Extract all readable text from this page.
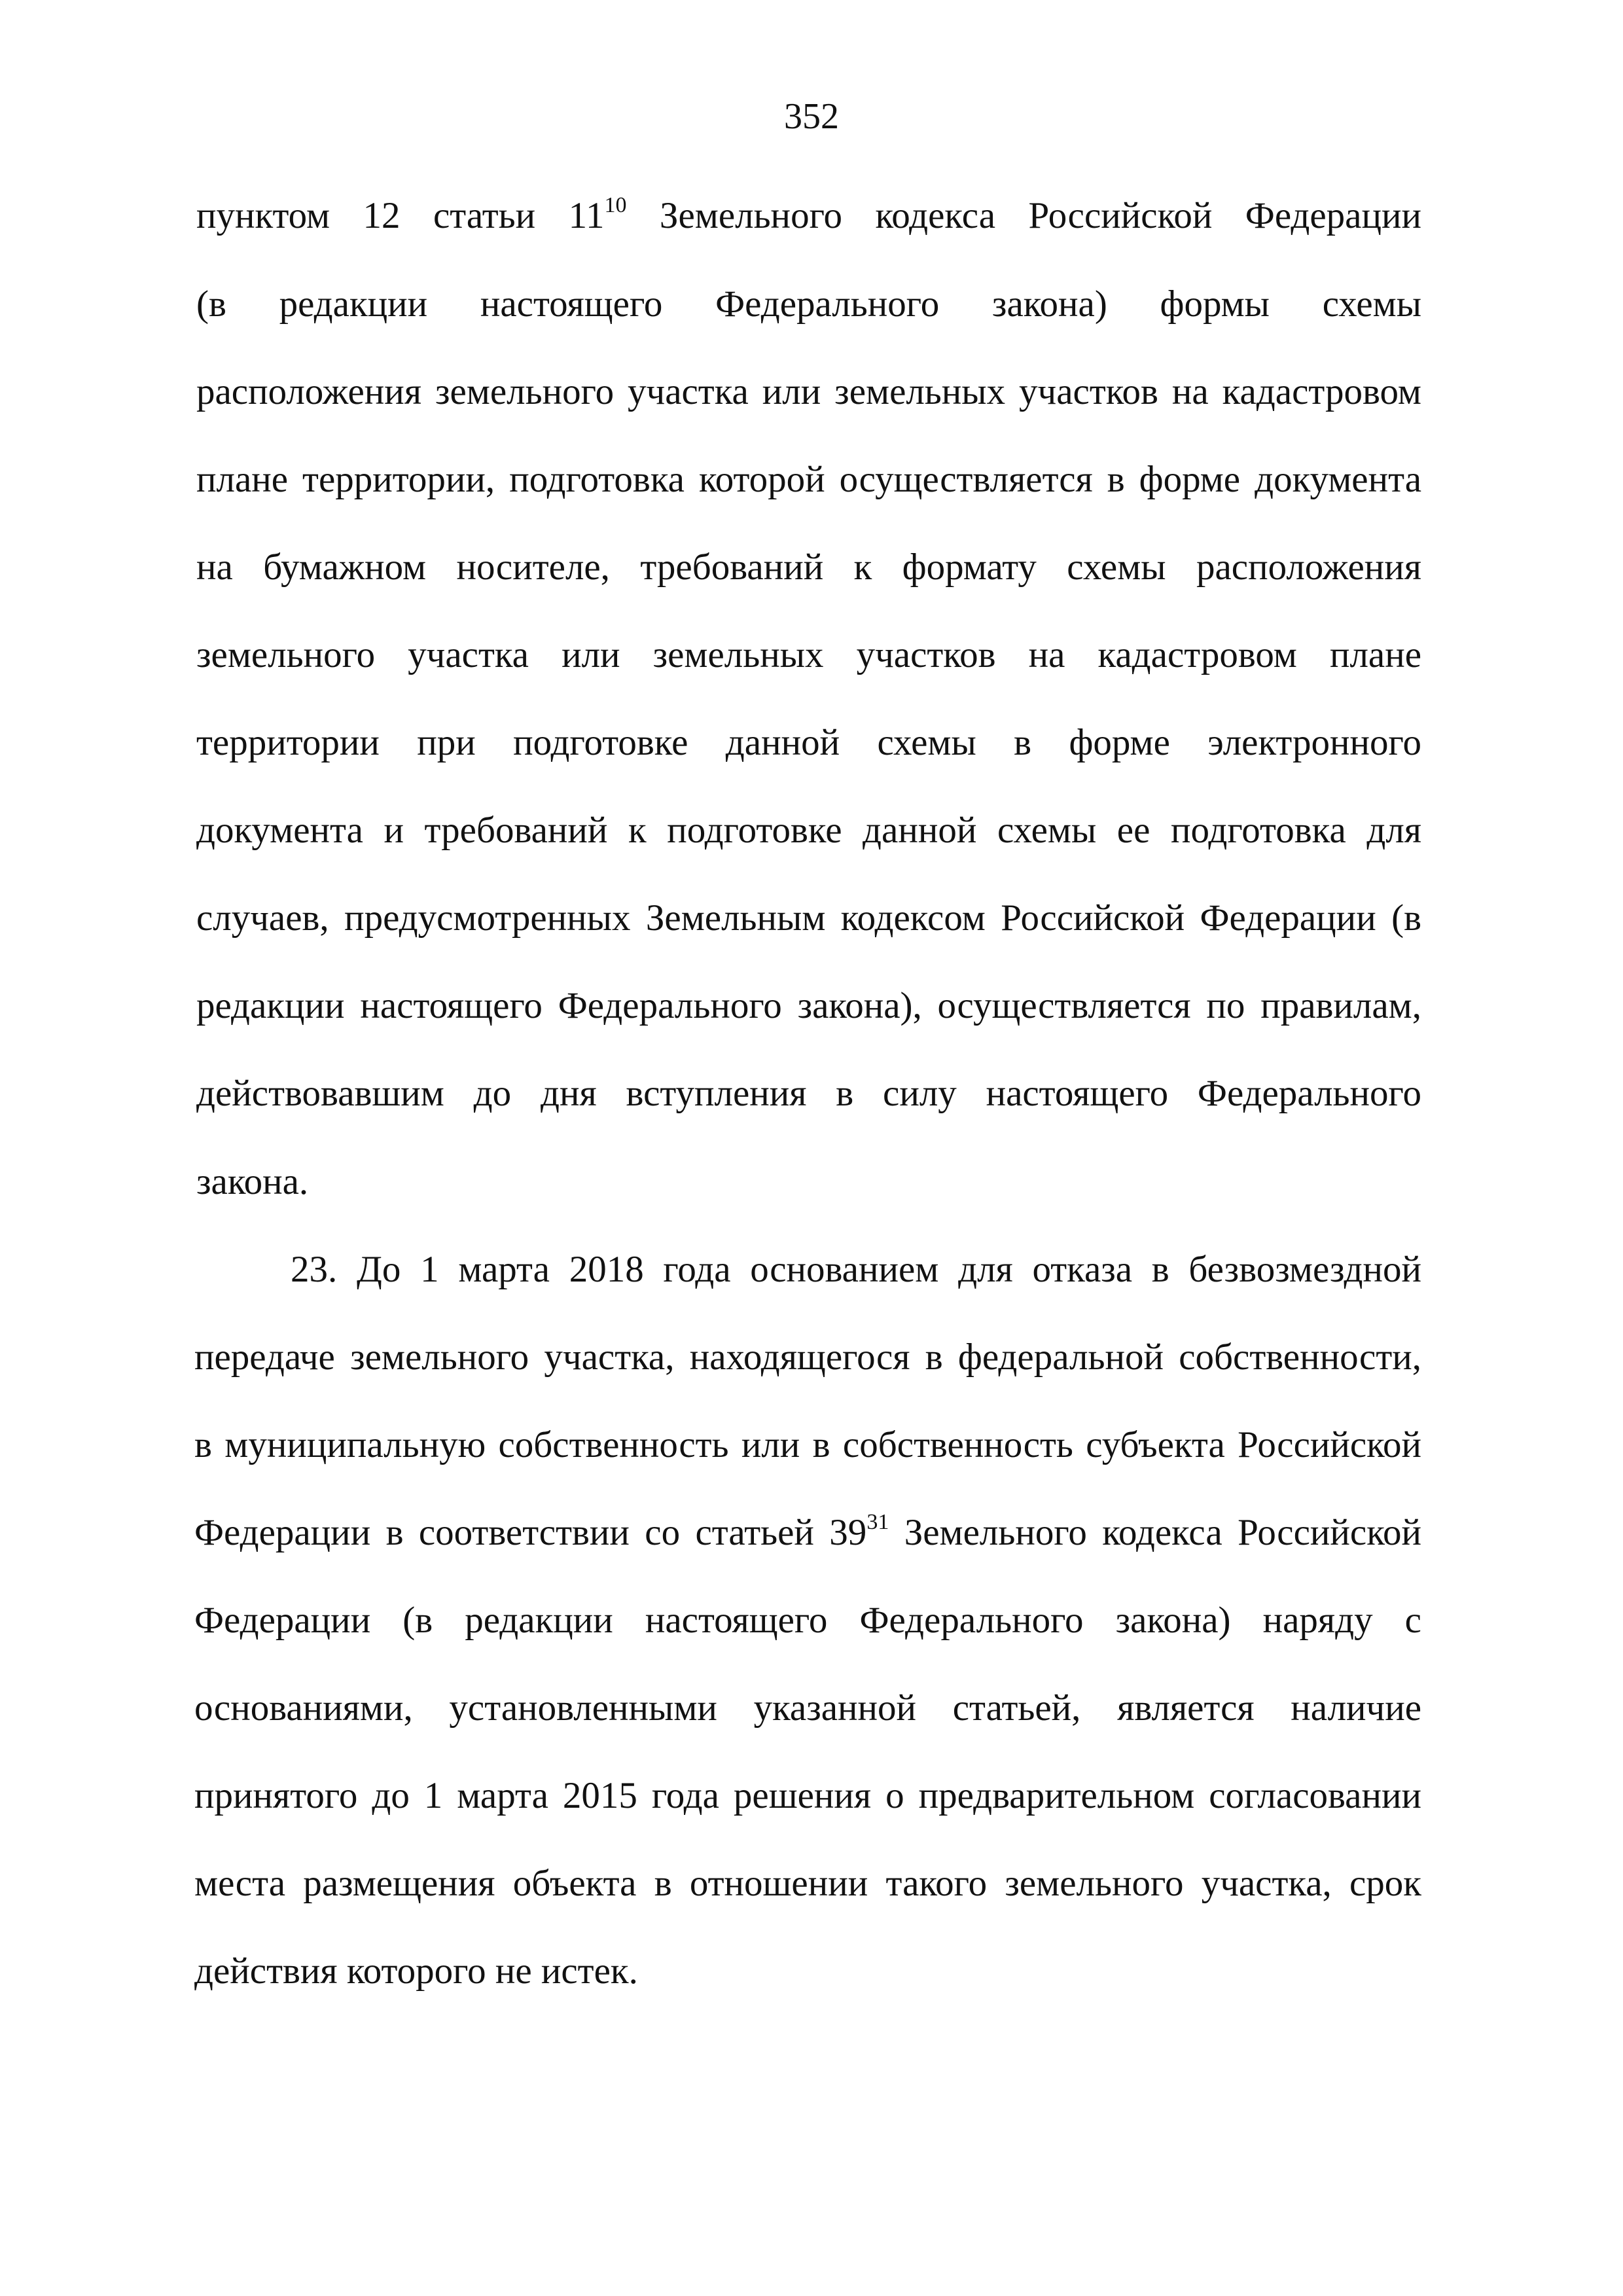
352
пунктом 12 статьи $11^{10}$ Земельного кодекса Российской Федерации
(в редакции настоящего Федерального закона) формы схемы
расположения земельного участка или земельных участков на кадастровом
плане территории, подготовка которой осуществляется в форме документа
на бумажном носителе, требований к формату схемы расположения
земельного участка или земельных участков на кадастровом плане
территории при подготовке данной схемы в форме электронного
документа и требований к подготовке данной схемы ее подготовка для
случаев, предусмотренных Земельным кодексом Российской Федерации (в
редакции настоящего Федерального закона), осуществляется по правилам,
действовавшим до дня вступления в силу настоящего Федерального
закона.
23. До 1 марта 2018 года основанием для отказа в безвозмездной
передаче земельного участка, находящегося в федеральной собственности,
в муниципальную собственность или в собственность субъекта Российской
Федерации в соответствии со статьей $39^{31}$ Земельного кодекса Российской
Федерации (в редакции настоящего Федерального закона) наряду с
основаниями, установленными указанной статьей, является наличие
принятого до 1 марта 2015 года решения о предварительном согласовании
места размещения объекта в отношении такого земельного участка, срок
действия которого не истек.
